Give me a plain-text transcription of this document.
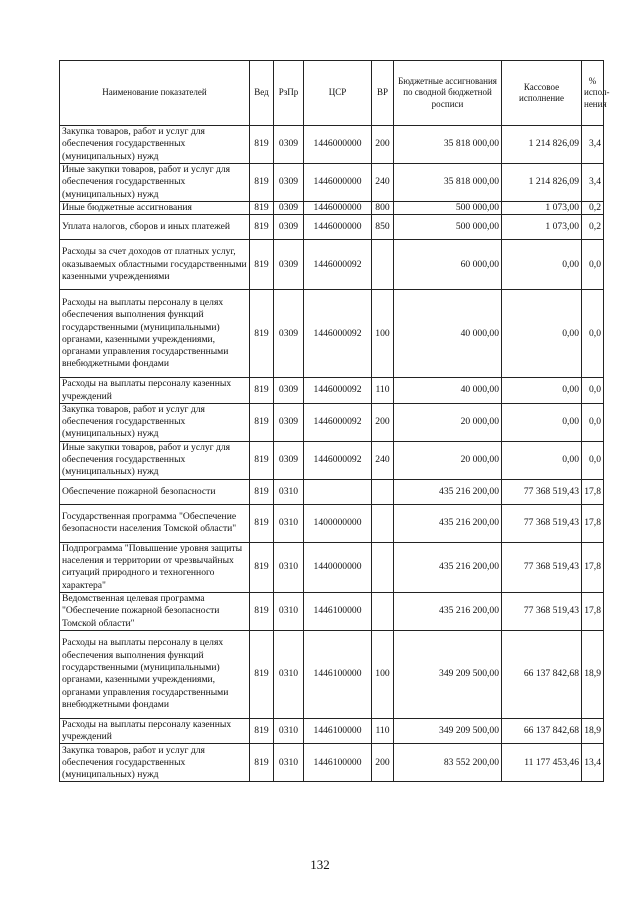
Наименование показателей	Вед	РзПр	ЦСР	ВР	Бюджетные ассигнования по сводной бюджетной росписи	Кассовое исполнение	% испол-нения
Закупка товаров, работ и услуг для обеспечения государственных (муниципальных) нужд	819	0309	1446000000	200	35 818 000,00	1 214 826,09	3,4
Иные закупки товаров, работ и услуг для обеспечения государственных (муниципальных) нужд	819	0309	1446000000	240	35 818 000,00	1 214 826,09	3,4
Иные бюджетные ассигнования	819	0309	1446000000	800	500 000,00	1 073,00	0,2
Уплата налогов, сборов и иных платежей	819	0309	1446000000	850	500 000,00	1 073,00	0,2
Расходы за счет доходов от платных услуг, оказываемых областными государственными казенными учреждениями	819	0309	1446000092		60 000,00	0,00	0,0
Расходы на выплаты персоналу в целях обеспечения выполнения функций государственными (муниципальными) органами, казенными учреждениями, органами управления государственными внебюджетными фондами	819	0309	1446000092	100	40 000,00	0,00	0,0
Расходы на выплаты персоналу казенных учреждений	819	0309	1446000092	110	40 000,00	0,00	0,0
Закупка товаров, работ и услуг для обеспечения государственных (муниципальных) нужд	819	0309	1446000092	200	20 000,00	0,00	0,0
Иные закупки товаров, работ и услуг для обеспечения государственных (муниципальных) нужд	819	0309	1446000092	240	20 000,00	0,00	0,0
Обеспечение пожарной безопасности	819	0310			435 216 200,00	77 368 519,43	17,8
Государственная программа "Обеспечение безопасности населения Томской области"	819	0310	1400000000		435 216 200,00	77 368 519,43	17,8
Подпрограмма "Повышение уровня защиты населения и территории от чрезвычайных ситуаций природного и техногенного характера"	819	0310	1440000000		435 216 200,00	77 368 519,43	17,8
Ведомственная целевая программа "Обеспечение пожарной безопасности Томской области"	819	0310	1446100000		435 216 200,00	77 368 519,43	17,8
Расходы на выплаты персоналу в целях обеспечения выполнения функций государственными (муниципальными) органами, казенными учреждениями, органами управления государственными внебюджетными фондами	819	0310	1446100000	100	349 209 500,00	66 137 842,68	18,9
Расходы на выплаты персоналу казенных учреждений	819	0310	1446100000	110	349 209 500,00	66 137 842,68	18,9
Закупка товаров, работ и услуг для обеспечения государственных (муниципальных) нужд	819	0310	1446100000	200	83 552 200,00	11 177 453,46	13,4
132
